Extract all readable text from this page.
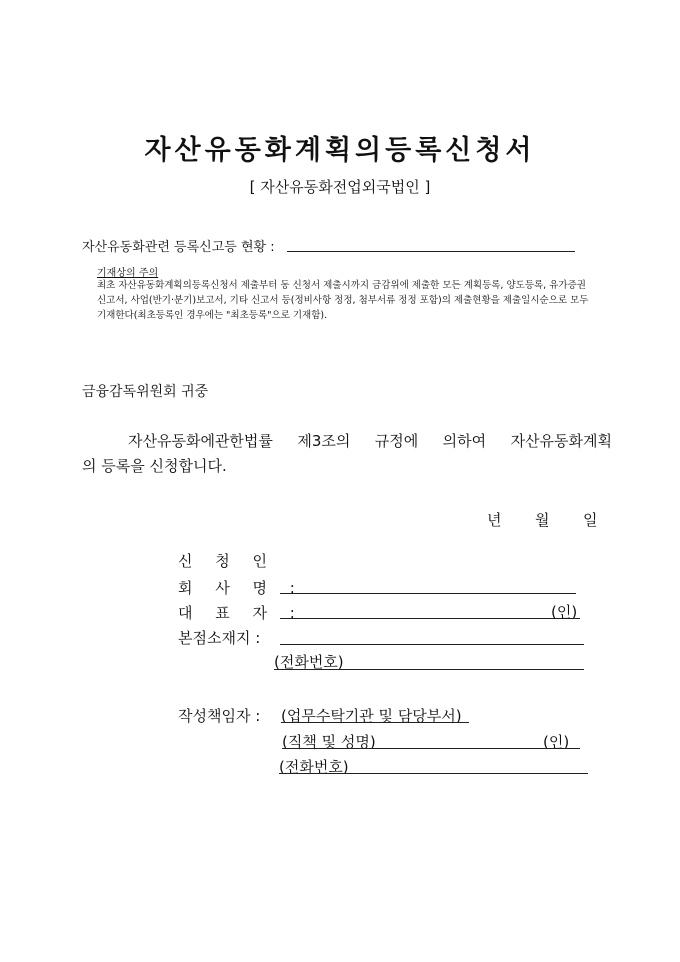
자산유동화계획의등록신청서
[ 자산유동화전업외국법인 ]
자산유동화관련 등록신고등 현황 :
기재상의 주의
최초 자산유동화계획의등록신청서 제출부터 동 신청서 제출시까지 금감위에 제출한 모든 계획등록, 양도등록, 유가증권신고서, 사업(반기·분기)보고서, 기타 신고서 등(정비사항 정정, 첨부서류 정정 포함)의 제출현황을 제출일시순으로 모두 기재한다(최초등록인 경우에는 "최초등록"으로 기재함).
금융감독위원회 귀중
자산유동화에관한법률 제3조의 규정에 의하여 자산유동화계획
의 등록을 신청합니다.
년 월 일
신 청 인
회 사 명 :
대 표 자 :	(인)
본점소재지 :
(전화번호)
작성책임자 : (업무수탁기관 및 담당부서)
(직책 및 성명)	(인)
(전화번호)
